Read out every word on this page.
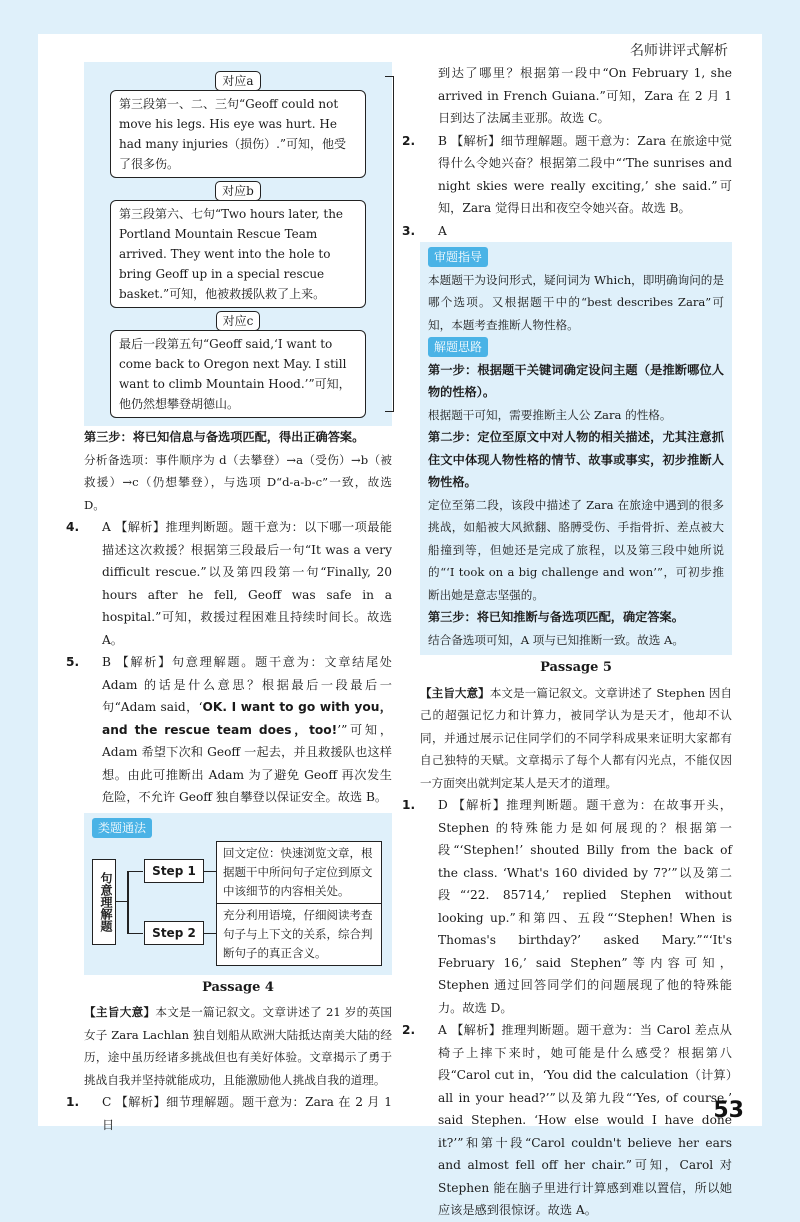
名师讲评式解析
对应a
第三段第一、二、三句“Geoff could not move his legs. His eye was hurt. He had many injuries（损伤）.”可知，他受了很多伤。
对应b
第三段第六、七句“Two hours later, the Portland Mountain Rescue Team arrived. They went into the hole to bring Geoff up in a special rescue basket.”可知，他被救援队救了上来。
对应c
最后一段第五句“Geoff said,‘I want to come back to Oregon next May. I still want to climb Mountain Hood.’”可知，他仍然想攀登胡德山。

第三步：将已知信息与备选项匹配，得出正确答案。

分析备选项：事件顺序为 d（去攀登）→a（受伤）→b（被救援）→c（仍想攀登），与选项 D“d-a-b-c”一致，故选 D。

4. A 【解析】推理判断题。题干意为：以下哪一项最能描述这次救援？根据第三段最后一句“It was a very difficult rescue.”以及第四段第一句“Finally, 20 hours after he fell, Geoff was safe in a hospital.”可知，救援过程困难且持续时间长。故选 A。

5. B 【解析】句意理解题。题干意为：文章结尾处 Adam 的话是什么意思？根据最后一段最后一句“Adam said，‘OK. I want to go with you，and the rescue team does，too!’”可知，Adam 希望下次和 Geoff 一起去，并且救援队也这样想。由此可推断出 Adam 为了避免 Geoff 再次发生危险，不允许 Geoff 独自攀登以保证安全。故选 B。

类题通法
句意理解题
Step 1
回文定位：快速浏览文章，根据题干中所问句子定位到原文中该细节的内容相关处。
Step 2
充分利用语境，仔细阅读考查句子与上下文的关系，综合判断句子的真正含义。

Passage 4

【主旨大意】本文是一篇记叙文。文章讲述了 21 岁的英国女子 Zara Lachlan 独自划船从欧洲大陆抵达南美大陆的经历，途中虽历经诸多挑战但也有美好体验。文章揭示了勇于挑战自我并坚持就能成功，且能激励他人挑战自我的道理。

1. C 【解析】细节理解题。题干意为：Zara 在 2 月 1 日

到达了哪里？根据第一段中“On February 1, she arrived in French Guiana.”可知，Zara 在 2 月 1 日到达了法属圭亚那。故选 C。

2. B 【解析】细节理解题。题干意为：Zara 在旅途中觉得什么令她兴奋？根据第二段中“‘The sunrises and night skies were really exciting,’ she said.”可知，Zara 觉得日出和夜空令她兴奋。故选 B。

3. A

审题指导

本题题干为设问形式，疑问词为 Which，即明确询问的是哪个选项。又根据题干中的“best describes Zara”可知，本题考查推断人物性格。

解题思路

第一步：根据题干关键词确定设问主题（是推断哪位人物的性格）。

根据题干可知，需要推断主人公 Zara 的性格。

第二步：定位至原文中对人物的相关描述，尤其注意抓住文中体现人物性格的情节、故事或事实，初步推断人物性格。

定位至第二段，该段中描述了 Zara 在旅途中遇到的很多挑战，如船被大风掀翻、胳膊受伤、手指骨折、差点被大船撞到等，但她还是完成了旅程，以及第三段中她所说的“‘I took on a big challenge and won’”，可初步推断出她是意志坚强的。

第三步：将已知推断与备选项匹配，确定答案。

结合备选项可知，A 项与已知推断一致。故选 A。

Passage 5

【主旨大意】本文是一篇记叙文。文章讲述了 Stephen 因自己的超强记忆力和计算力，被同学认为是天才，他却不认同，并通过展示记住同学们的不同学科成果来证明大家都有自己独特的天赋。文章揭示了每个人都有闪光点，不能仅因一方面突出就判定某人是天才的道理。

1. D 【解析】推理判断题。题干意为：在故事开头，Stephen 的特殊能力是如何展现的？根据第一段“‘Stephen!’ shouted Billy from the back of the class. ‘What's 160 divided by 7?’”以及第二段“‘22. 85714,’ replied Stephen without looking up.”和第四、五段“‘Stephen! When is Thomas's birthday?’ asked Mary.”“‘It's February 16,’ said Stephen”等内容可知，Stephen 通过回答同学们的问题展现了他的特殊能力。故选 D。

2. A 【解析】推理判断题。题干意为：当 Carol 差点从椅子上摔下来时，她可能是什么感受？根据第八段“Carol cut in，‘You did the calculation（计算）all in your head?’”以及第九段“‘Yes, of course,’ said Stephen. ‘How else would I have done it?’”和第十段“Carol couldn't believe her ears and almost fell off her chair.”可知，Carol 对 Stephen 能在脑子里进行计算感到难以置信，所以她应该是感到很惊讶。故选 A。

53
